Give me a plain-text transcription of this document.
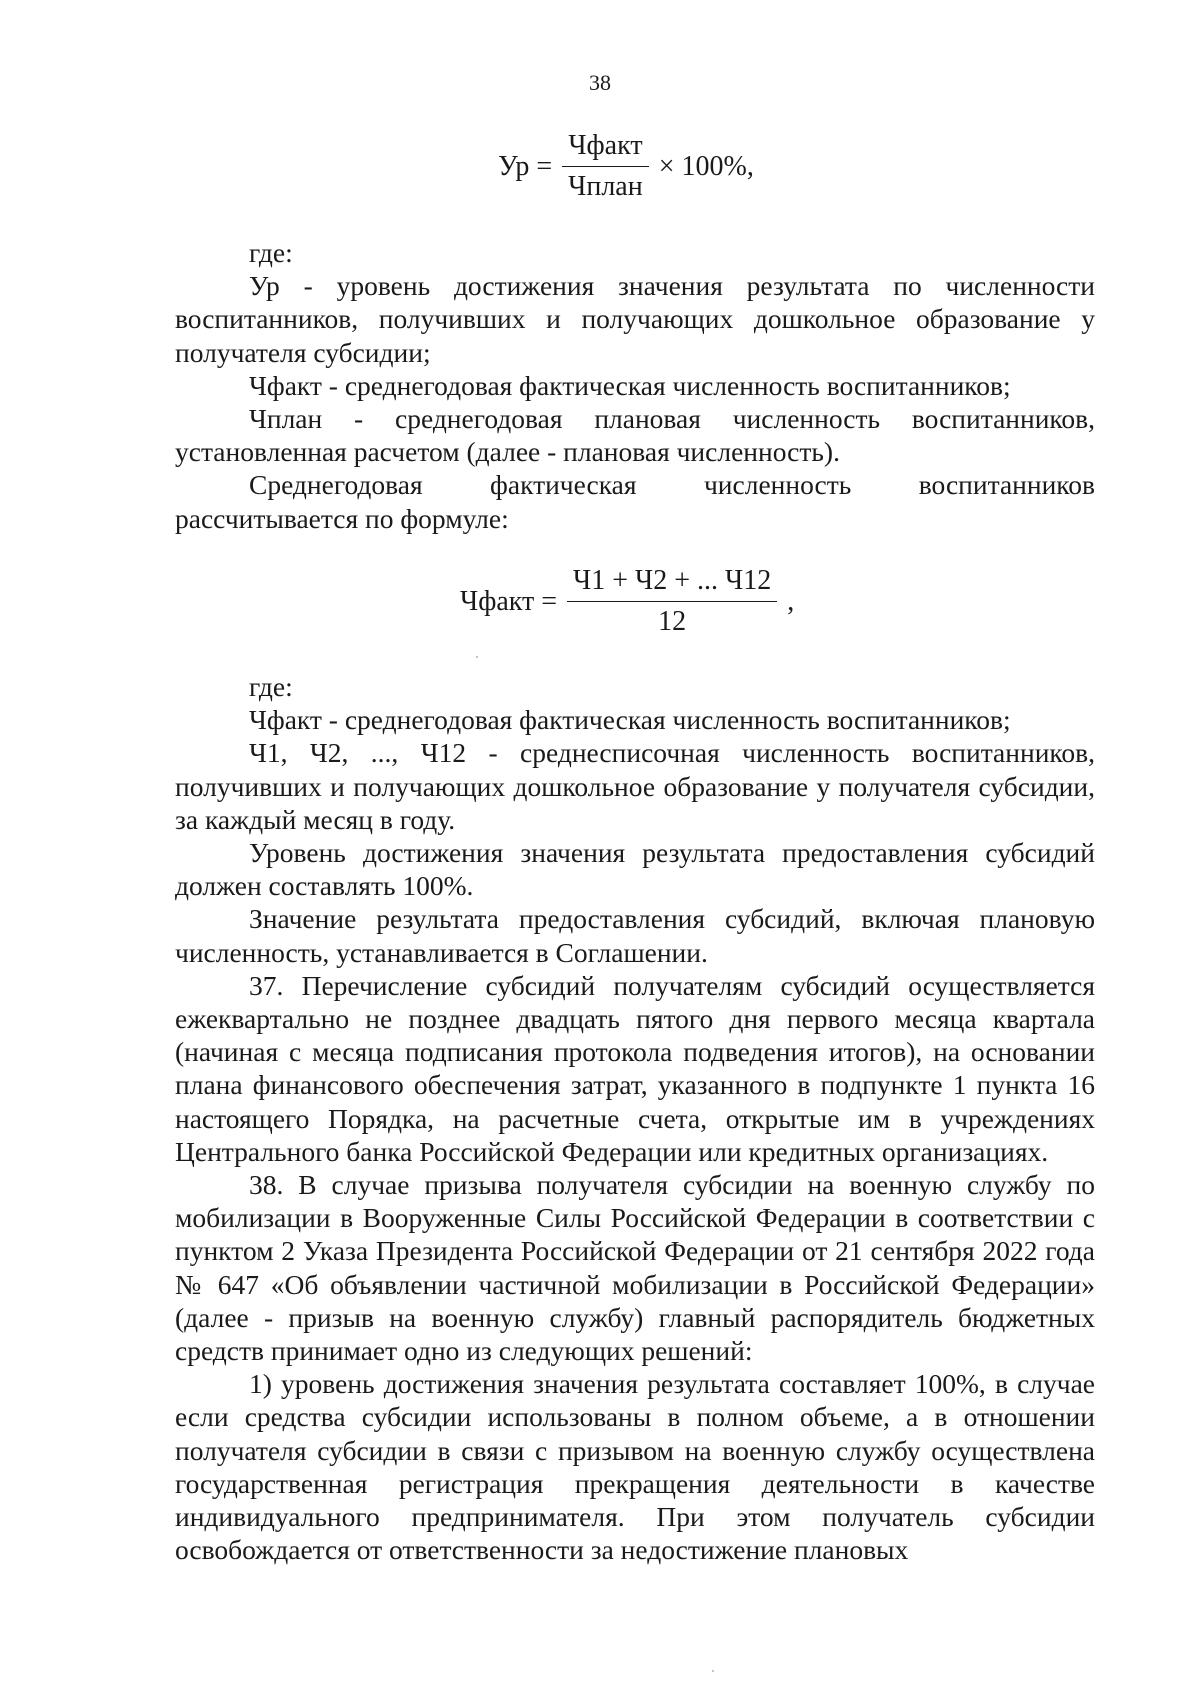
38
Ур = $\frac{\text{Чфакт}}{\text{Чплан}} \times 100\%$,
где:

Ур - уровень достижения значения результата по численности воспитанников, получивших и получающих дошкольное образование у получателя субсидии;

Чфакт - среднегодовая фактическая численность воспитанников;

Чплан - среднегодовая плановая численность воспитанников, установленная расчетом (далее - плановая численность).

Среднегодовая фактическая численность воспитанников рассчитывается по формуле:

Чфакт = $\frac{Ч1 + Ч2 + ... Ч12}{12}$ ,
где:

Чфакт - среднегодовая фактическая численность воспитанников;

Ч1, Ч2, ..., Ч12 - среднесписочная численность воспитанников, получивших и получающих дошкольное образование у получателя субсидии, за каждый месяц в году.

Уровень достижения значения результата предоставления субсидий должен составлять 100%.

Значение результата предоставления субсидий, включая плановую численность, устанавливается в Соглашении.

37. Перечисление субсидий получателям субсидий осуществляется ежеквартально не позднее двадцать пятого дня первого месяца квартала (начиная с месяца подписания протокола подведения итогов), на основании плана финансового обеспечения затрат, указанного в подпункте 1 пункта 16 настоящего Порядка, на расчетные счета, открытые им в учреждениях Центрального банка Российской Федерации или кредитных организациях.

38. В случае призыва получателя субсидии на военную службу по мобилизации в Вооруженные Силы Российской Федерации в соответствии с пунктом 2 Указа Президента Российской Федерации от 21 сентября 2022 года № 647 «Об объявлении частичной мобилизации в Российской Федерации» (далее - призыв на военную службу) главный распорядитель бюджетных средств принимает одно из следующих решений:

1) уровень достижения значения результата составляет 100%, в случае если средства субсидии использованы в полном объеме, а в отношении получателя субсидии в связи с призывом на военную службу осуществлена государственная регистрация прекращения деятельности в качестве индивидуального предпринимателя. При этом получатель субсидии освобождается от ответственности за недостижение плановых
